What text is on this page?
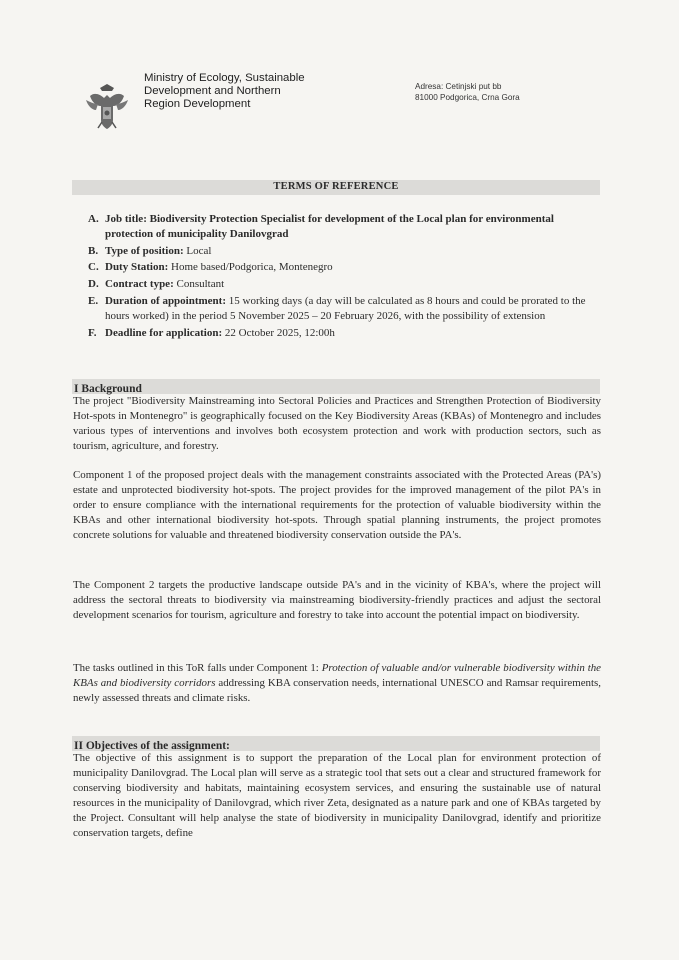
Ministry of Ecology, Sustainable
Development and Northern
Region Development
Adresa: Cetinjski put bb
81000 Podgorica, Crna Gora
TERMS OF REFERENCE
A. Job title: Biodiversity Protection Specialist for development of the Local plan for environmental protection of municipality Danilovgrad
B. Type of position: Local
C. Duty Station: Home based/Podgorica, Montenegro
D. Contract type: Consultant
E. Duration of appointment: 15 working days (a day will be calculated as 8 hours and could be prorated to the hours worked) in the period 5 November 2025 – 20 February 2026, with the possibility of extension
F. Deadline for application: 22 October 2025, 12:00h
I Background
The project "Biodiversity Mainstreaming into Sectoral Policies and Practices and Strengthen Protection of Biodiversity Hot-spots in Montenegro" is geographically focused on the Key Biodiversity Areas (KBAs) of Montenegro and includes various types of interventions and involves both ecosystem protection and work with production sectors, such as tourism, agriculture, and forestry.
Component 1 of the proposed project deals with the management constraints associated with the Protected Areas (PA's) estate and unprotected biodiversity hot-spots. The project provides for the improved management of the pilot PA's in order to ensure compliance with the international requirements for the protection of valuable biodiversity within the KBAs and other international biodiversity hot-spots. Through spatial planning instruments, the project promotes concrete solutions for valuable and threatened biodiversity conservation outside the PA's.
The Component 2 targets the productive landscape outside PA's and in the vicinity of KBA's, where the project will address the sectoral threats to biodiversity via mainstreaming biodiversity-friendly practices and adjust the sectoral development scenarios for tourism, agriculture and forestry to take into account the potential impact on biodiversity.
The tasks outlined in this ToR falls under Component 1: Protection of valuable and/or vulnerable biodiversity within the KBAs and biodiversity corridors addressing KBA conservation needs, international UNESCO and Ramsar requirements, newly assessed threats and climate risks.
II Objectives of the assignment:
The objective of this assignment is to support the preparation of the Local plan for environment protection of municipality Danilovgrad. The Local plan will serve as a strategic tool that sets out a clear and structured framework for conserving biodiversity and habitats, maintaining ecosystem services, and ensuring the sustainable use of natural resources in the municipality of Danilovgrad, which river Zeta, designated as a nature park and one of KBAs targeted by the Project. Consultant will help analyse the state of biodiversity in municipality Danilovgrad, identify and prioritize conservation targets, define
